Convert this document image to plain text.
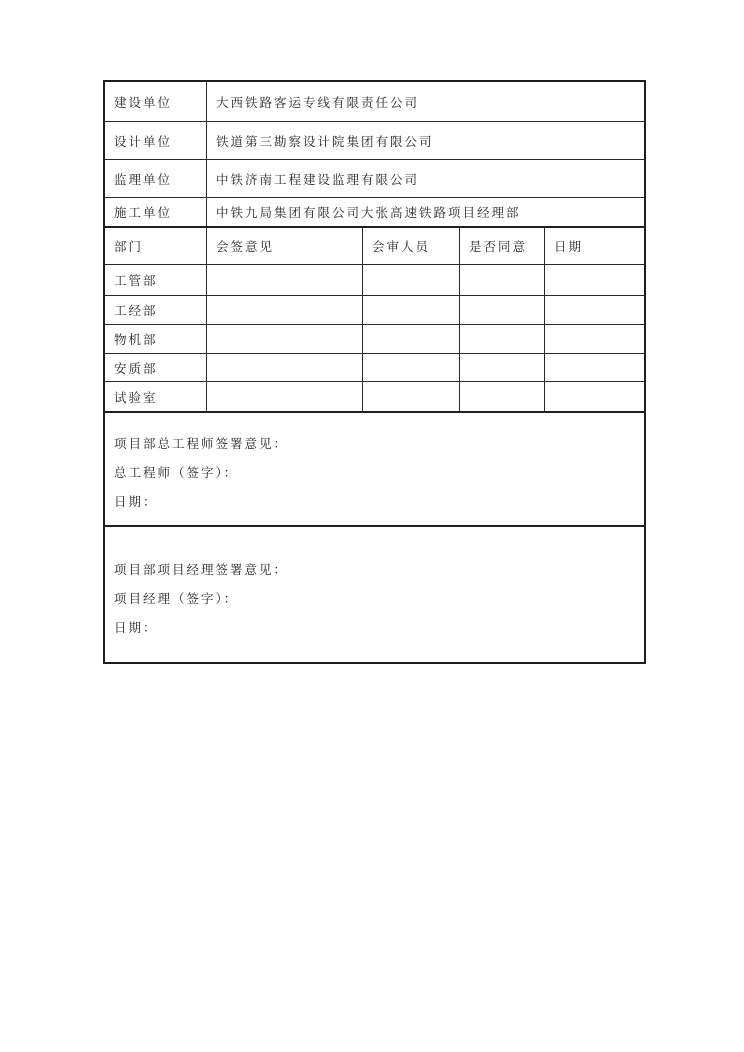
建设单位	大西铁路客运专线有限责任公司
设计单位	铁道第三勘察设计院集团有限公司
监理单位	中铁济南工程建设监理有限公司
施工单位	中铁九局集团有限公司大张高速铁路项目经理部
部门	会签意见	会审人员	是否同意	日期
工管部
工经部
物机部
安质部
试验室

项目部总工程师签署意见：

总工程师（签字）：

日期：

项目部项目经理签署意见：

项目经理（签字）：

日期：
